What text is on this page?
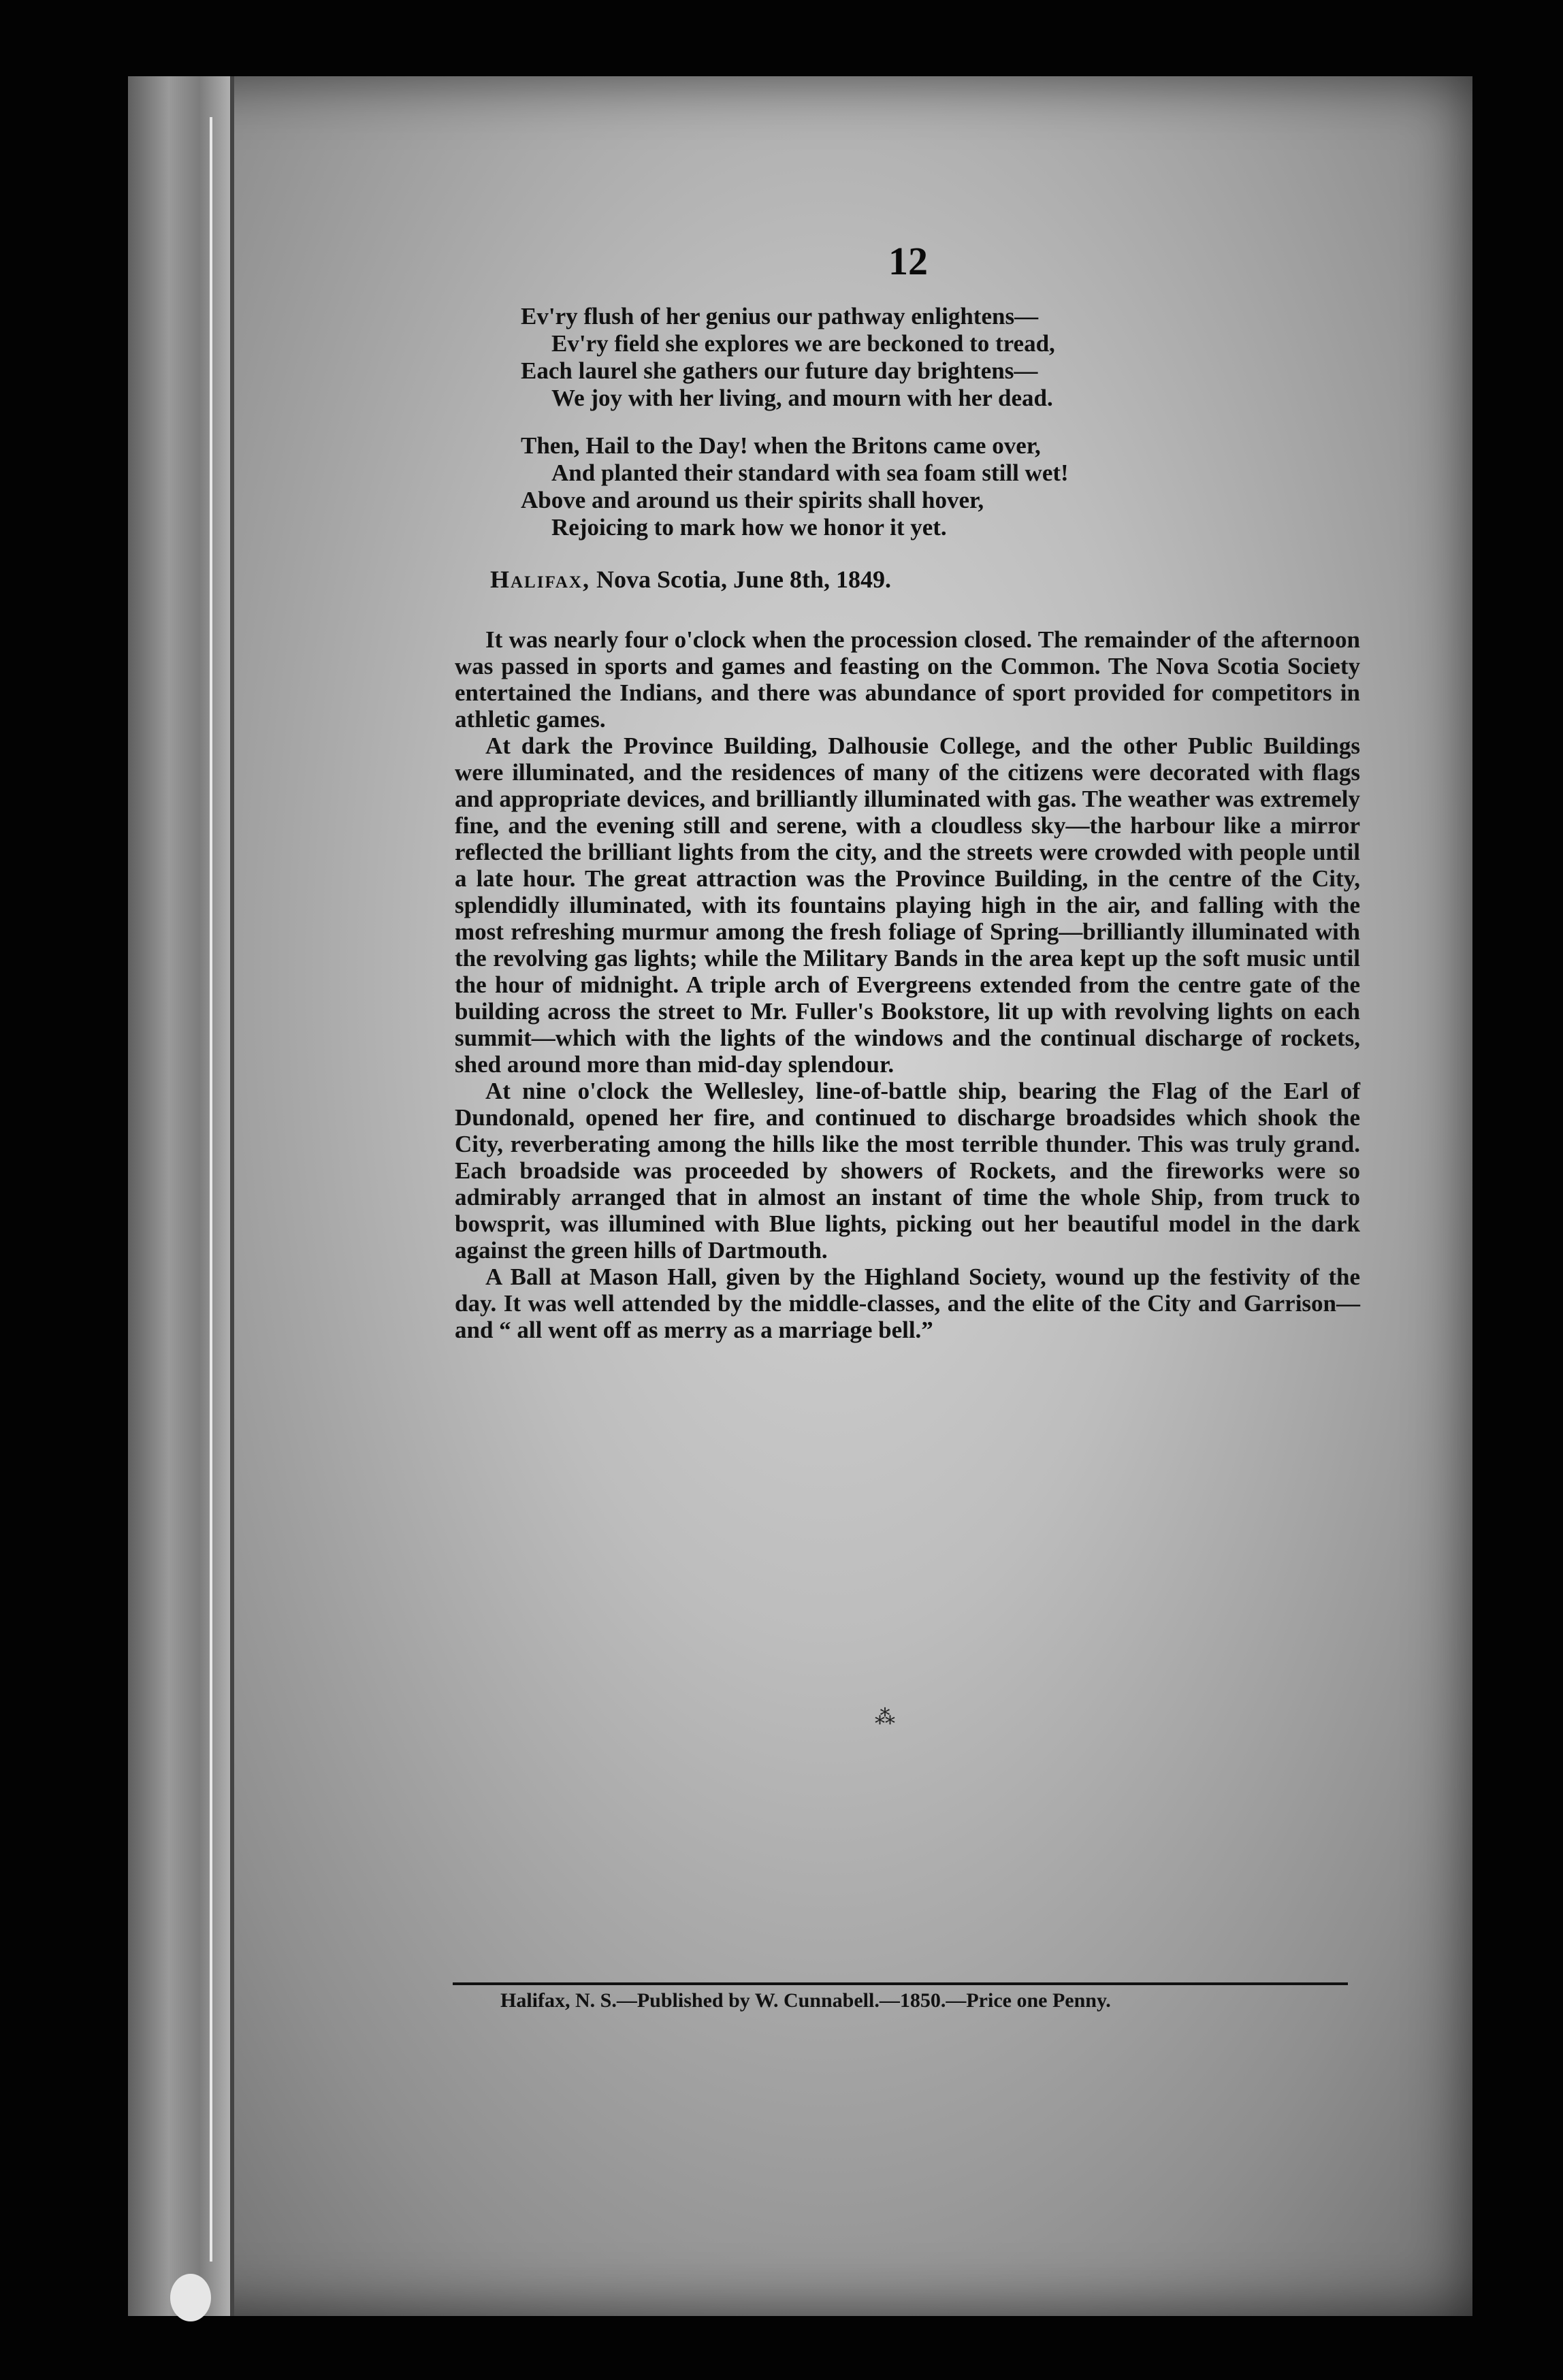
12
Ev'ry flush of her genius our pathway enlightens—
Ev'ry field she explores we are beckoned to tread,
Each laurel she gathers our future day brightens—
We joy with her living, and mourn with her dead.
Then, Hail to the Day! when the Britons came over,
And planted their standard with sea foam still wet!
Above and around us their spirits shall hover,
Rejoicing to mark how we honor it yet.
Halifax, Nova Scotia, June 8th, 1849.

It was nearly four o'clock when the procession closed. The remainder of the afternoon was passed in sports and games and feasting on the Common. The Nova Scotia Society entertained the Indians, and there was abundance of sport provided for competitors in athletic games.

At dark the Province Building, Dalhousie College, and the other Public Buildings were illuminated, and the residences of many of the citizens were decorated with flags and appropriate devices, and brilliantly illuminated with gas. The weather was extremely fine, and the evening still and serene, with a cloudless sky—the harbour like a mirror reflected the brilliant lights from the city, and the streets were crowded with people until a late hour. The great attraction was the Province Building, in the centre of the City, splendidly illuminated, with its fountains playing high in the air, and falling with the most refreshing murmur among the fresh foliage of Spring—brilliantly illuminated with the revolving gas lights; while the Military Bands in the area kept up the soft music until the hour of midnight. A triple arch of Evergreens extended from the centre gate of the building across the street to Mr. Fuller's Bookstore, lit up with revolving lights on each summit—which with the lights of the windows and the continual discharge of rockets, shed around more than mid-day splendour.

At nine o'clock the Wellesley, line-of-battle ship, bearing the Flag of the Earl of Dundonald, opened her fire, and continued to discharge broadsides which shook the City, reverberating among the hills like the most terrible thunder. This was truly grand. Each broadside was proceeded by showers of Rockets, and the fireworks were so admirably arranged that in almost an instant of time the whole Ship, from truck to bowsprit, was illumined with Blue lights, picking out her beautiful model in the dark against the green hills of Dartmouth.

A Ball at Mason Hall, given by the Highland Society, wound up the festivity of the day. It was well attended by the middle-classes, and the elite of the City and Garrison—and “ all went off as merry as a marriage bell.”

⁂
Halifax, N. S.—Published by W. Cunnabell.—1850.—Price one Penny.
